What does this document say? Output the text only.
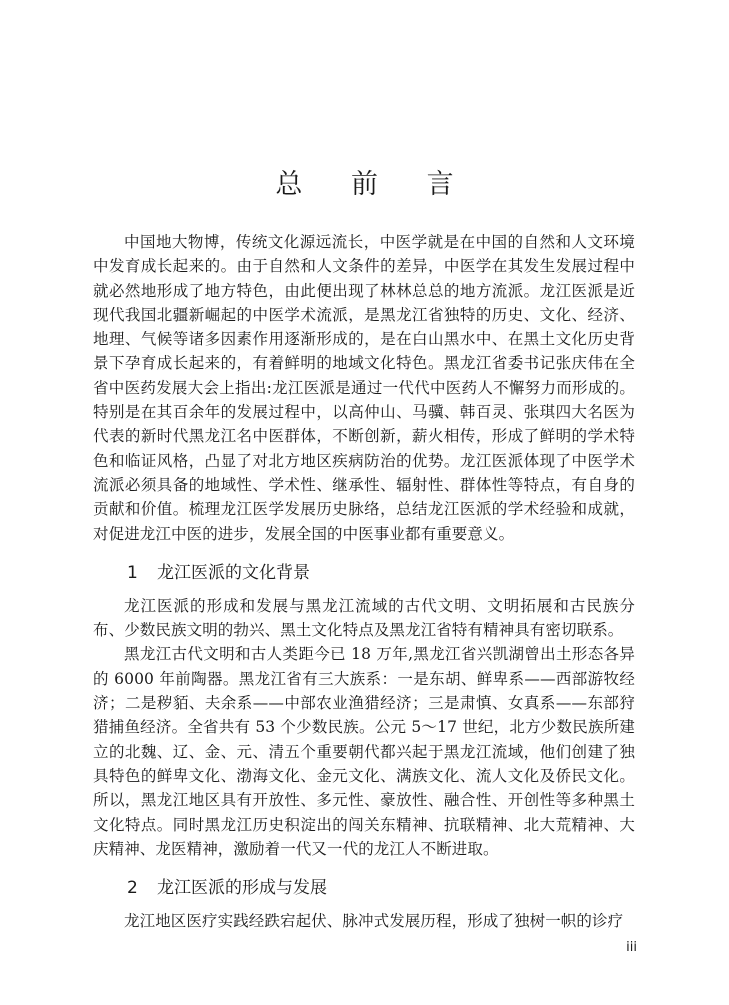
总 前 言

中国地大物博，传统文化源远流长，中医学就是在中国的自然和人文环境中发育成长起来的。由于自然和人文条件的差异，中医学在其发生发展过程中就必然地形成了地方特色，由此便出现了林林总总的地方流派。龙江医派是近现代我国北疆新崛起的中医学术流派，是黑龙江省独特的历史、文化、经济、地理、气候等诸多因素作用逐渐形成的，是在白山黑水中、在黑土文化历史背景下孕育成长起来的，有着鲜明的地域文化特色。黑龙江省委书记张庆伟在全省中医药发展大会上指出:龙江医派是通过一代代中医药人不懈努力而形成的。特别是在其百余年的发展过程中，以高仲山、马骥、韩百灵、张琪四大名医为代表的新时代黑龙江名中医群体，不断创新，薪火相传，形成了鲜明的学术特色和临证风格，凸显了对北方地区疾病防治的优势。龙江医派体现了中医学术流派必须具备的地域性、学术性、继承性、辐射性、群体性等特点，有自身的贡献和价值。梳理龙江医学发展历史脉络，总结龙江医派的学术经验和成就，对促进龙江中医的进步，发展全国的中医事业都有重要意义。

1 龙江医派的文化背景

龙江医派的形成和发展与黑龙江流域的古代文明、文明拓展和古民族分布、少数民族文明的勃兴、黑土文化特点及黑龙江省特有精神具有密切联系。

黑龙江古代文明和古人类距今已 18 万年,黑龙江省兴凯湖曾出土形态各异的 6000 年前陶器。黑龙江省有三大族系：一是东胡、鲜卑系——西部游牧经济；二是秽貊、夫余系——中部农业渔猎经济；三是肃慎、女真系——东部狩猎捕鱼经济。全省共有 53 个少数民族。公元 5～17 世纪，北方少数民族所建立的北魏、辽、金、元、清五个重要朝代都兴起于黑龙江流域，他们创建了独具特色的鲜卑文化、渤海文化、金元文化、满族文化、流人文化及侨民文化。所以，黑龙江地区具有开放性、多元性、豪放性、融合性、开创性等多种黑土文化特点。同时黑龙江历史积淀出的闯关东精神、抗联精神、北大荒精神、大庆精神、龙医精神，激励着一代又一代的龙江人不断进取。

2 龙江医派的形成与发展

龙江地区医疗实践经跌宕起伏、脉冲式发展历程，形成了独树一帜的诊疗

iii
